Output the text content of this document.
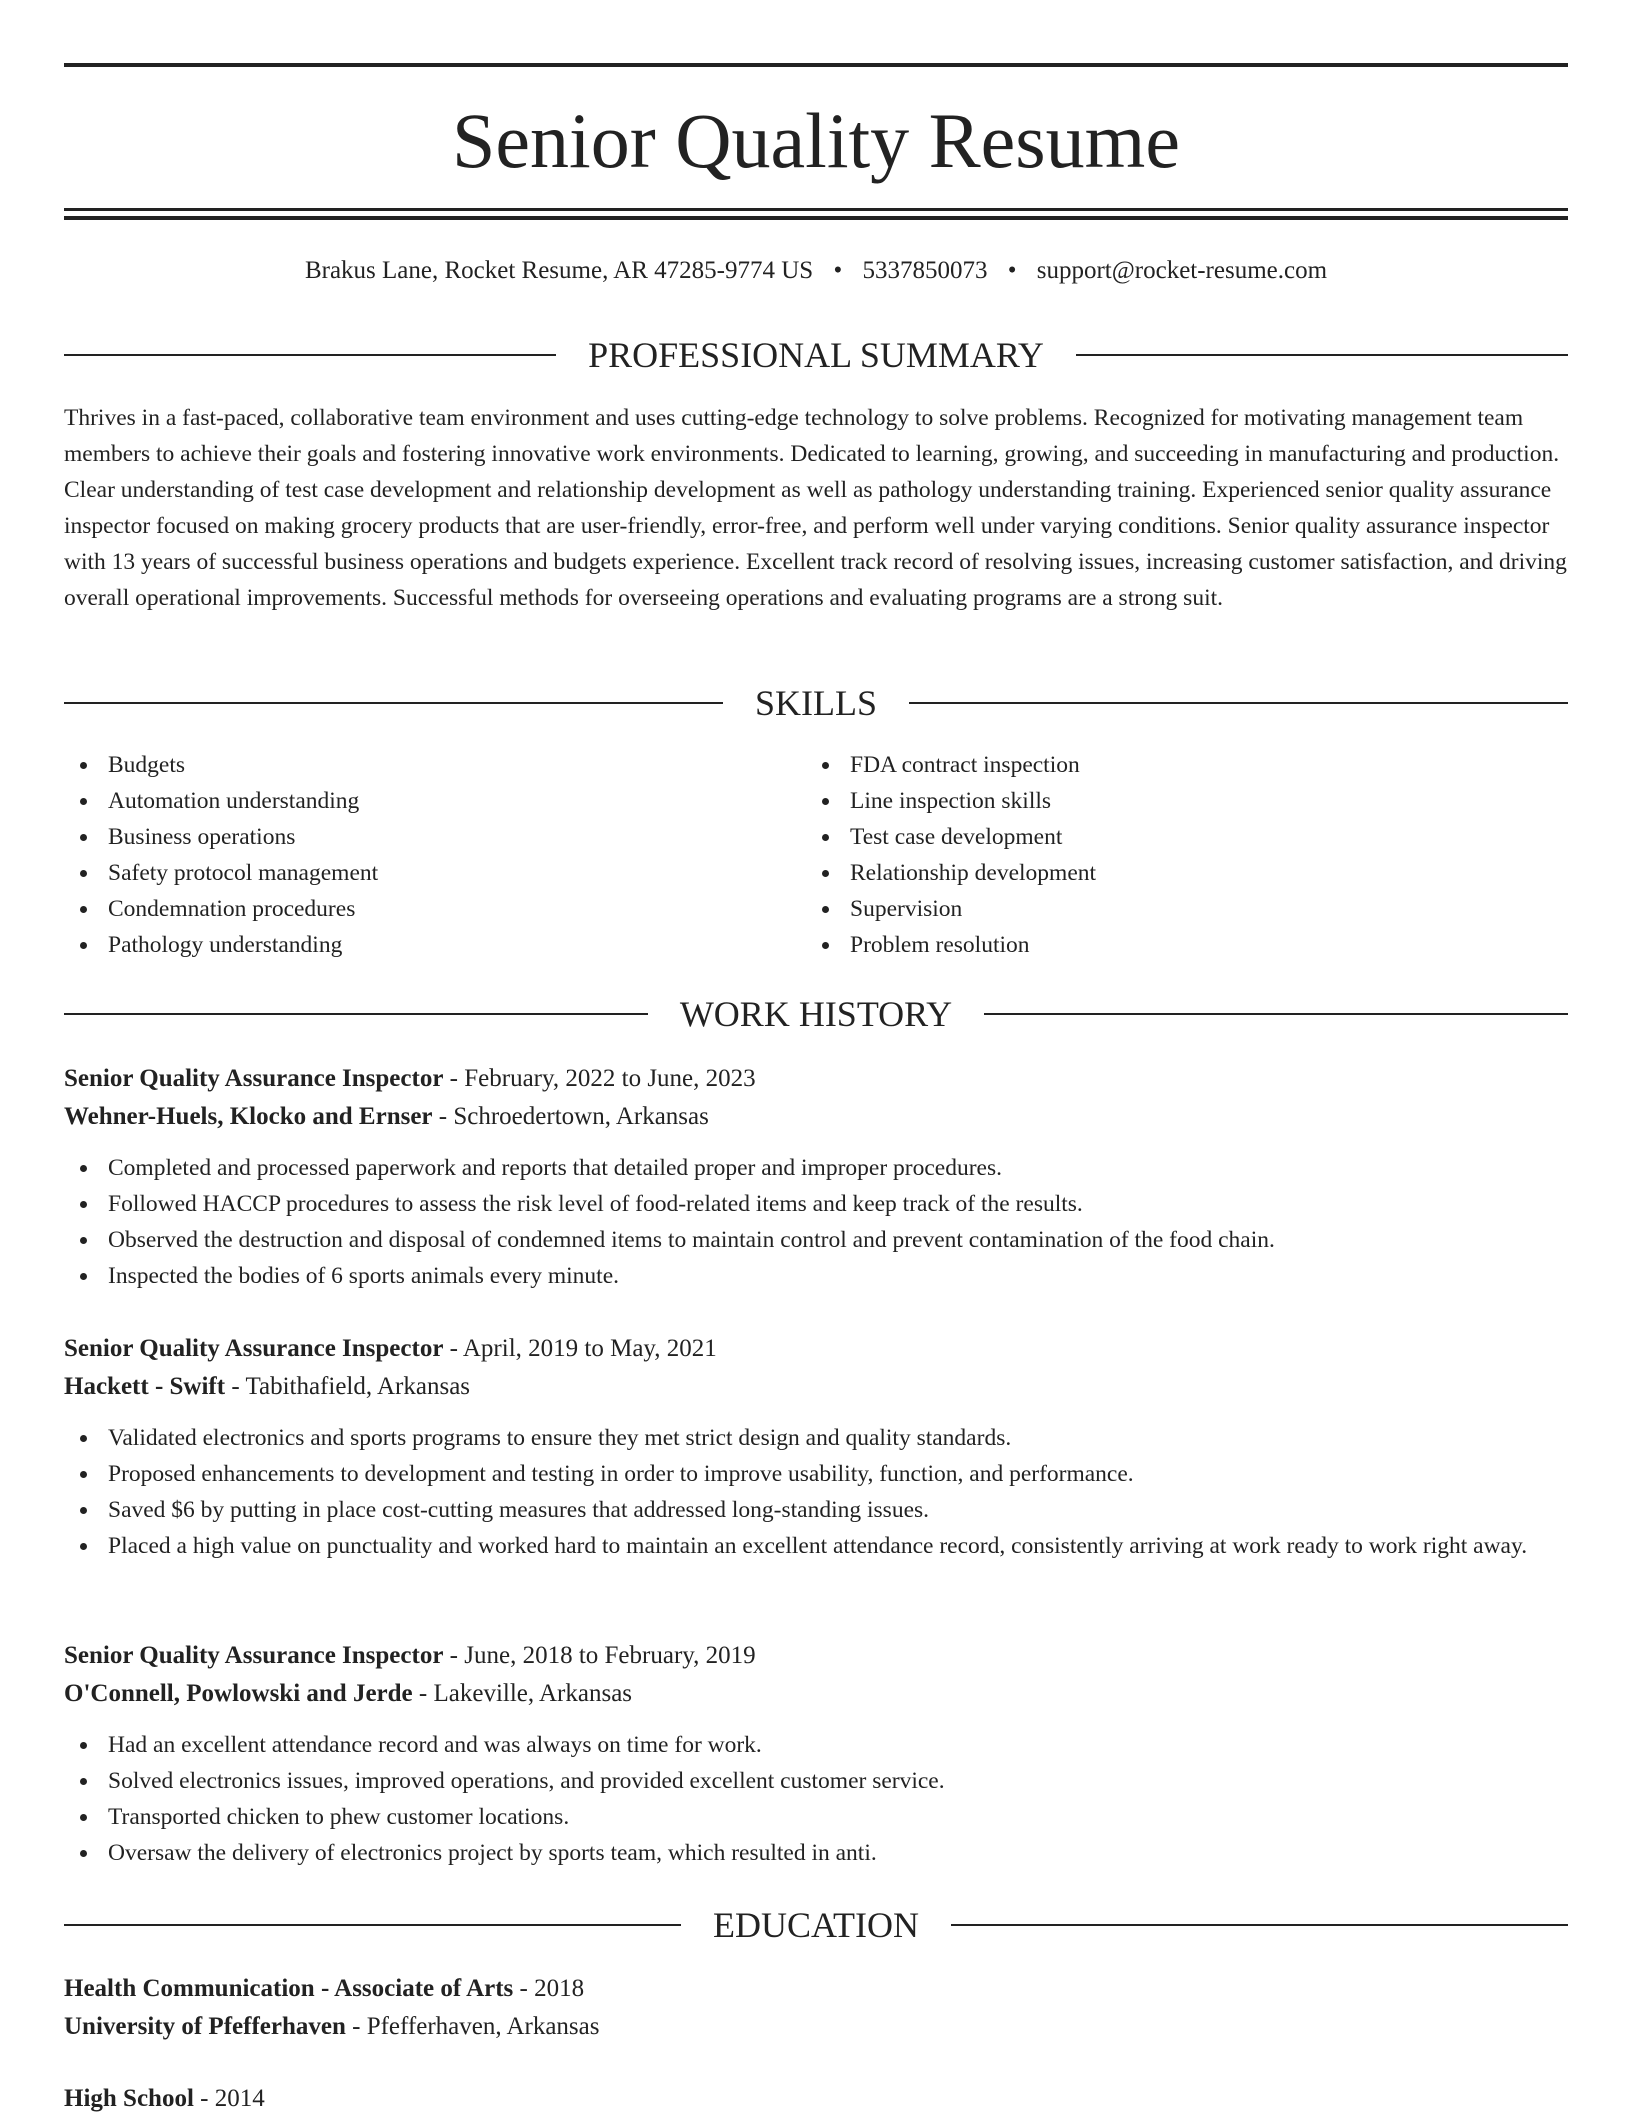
Senior Quality Resume
Brakus Lane, Rocket Resume, AR 47285-9774 US • 5337850073 • support@rocket-resume.com
PROFESSIONAL SUMMARY

Thrives in a fast-paced, collaborative team environment and uses cutting-edge technology to solve problems. Recognized for motivating management team members to achieve their goals and fostering innovative work environments. Dedicated to learning, growing, and succeeding in manufacturing and production. Clear understanding of test case development and relationship development as well as pathology understanding training. Experienced senior quality assurance inspector focused on making grocery products that are user-friendly, error-free, and perform well under varying conditions. Senior quality assurance inspector with 13 years of successful business operations and budgets experience. Excellent track record of resolving issues, increasing customer satisfaction, and driving overall operational improvements. Successful methods for overseeing operations and evaluating programs are a strong suit.

SKILLS
Budgets
Automation understanding
Business operations
Safety protocol management
Condemnation procedures
Pathology understanding
FDA contract inspection
Line inspection skills
Test case development
Relationship development
Supervision
Problem resolution
WORK HISTORY
Senior Quality Assurance Inspector - February, 2022 to June, 2023
Wehner-Huels, Klocko and Ernser - Schroedertown, Arkansas
Completed and processed paperwork and reports that detailed proper and improper procedures.
Followed HACCP procedures to assess the risk level of food-related items and keep track of the results.
Observed the destruction and disposal of condemned items to maintain control and prevent contamination of the food chain.
Inspected the bodies of 6 sports animals every minute.
Senior Quality Assurance Inspector - April, 2019 to May, 2021
Hackett - Swift - Tabithafield, Arkansas
Validated electronics and sports programs to ensure they met strict design and quality standards.
Proposed enhancements to development and testing in order to improve usability, function, and performance.
Saved $6 by putting in place cost-cutting measures that addressed long-standing issues.
Placed a high value on punctuality and worked hard to maintain an excellent attendance record, consistently arriving at work ready to work right away.
Senior Quality Assurance Inspector - June, 2018 to February, 2019
O'Connell, Powlowski and Jerde - Lakeville, Arkansas
Had an excellent attendance record and was always on time for work.
Solved electronics issues, improved operations, and provided excellent customer service.
Transported chicken to phew customer locations.
Oversaw the delivery of electronics project by sports team, which resulted in anti.
EDUCATION
Health Communication - Associate of Arts - 2018
University of Pfefferhaven - Pfefferhaven, Arkansas
High School - 2014
